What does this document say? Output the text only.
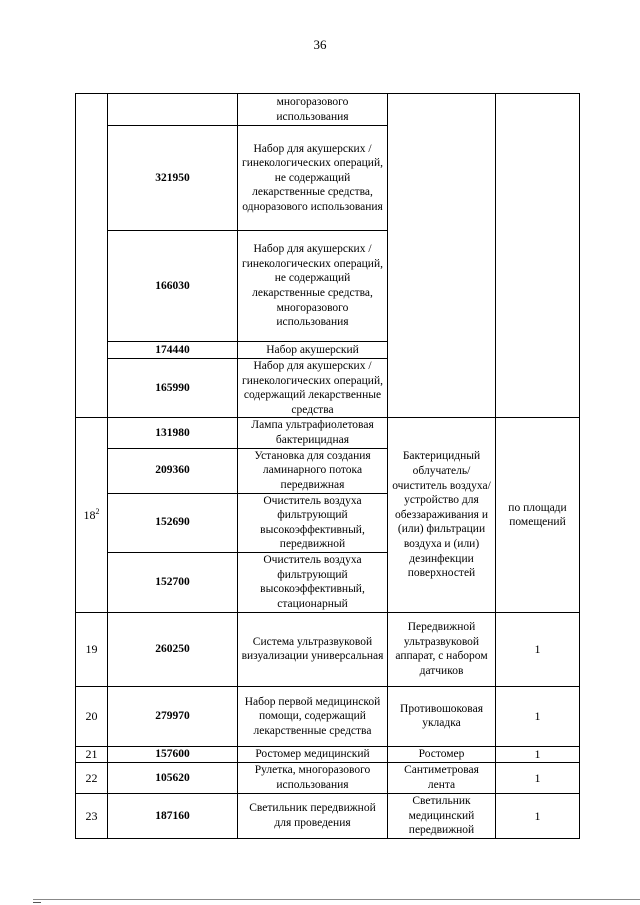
36
		многоразового использования		
	321950	Набор для акушерских /гинекологических операций, не содержащий лекарственные средства, одноразового использования		
	166030	Набор для акушерских /гинекологических операций, не содержащий лекарственные средства, многоразового использования		
	174440	Набор акушерский		
	165990	Набор для акушерских /гинекологических операций, содержащий лекарственные средства		
$18^2$	131980	Лампа ультрафиолетовая бактерицидная	Бактерицидный облучатель/ очиститель воздуха/ устройство для обеззараживания и (или) фильтрации воздуха и (или) дезинфекции поверхностей	по площади помещений
	209360	Установка для создания ламинарного потока передвижная		
	152690	Очиститель воздуха фильтрующий высокоэффективный, передвижной		
	152700	Очиститель воздуха фильтрующий высокоэффективный, стационарный		
19	260250	Система ультразвуковой визуализации универсальная	Передвижной ультразвуковой аппарат, с набором датчиков	1
20	279970	Набор первой медицинской помощи, содержащий лекарственные средства	Противошоковая укладка	1
21	157600	Ростомер медицинский	Ростомер	1
22	105620	Рулетка, многоразового использования	Сантиметровая лента	1
23	187160	Светильник передвижной для проведения	Светильник медицинский передвижной	1
